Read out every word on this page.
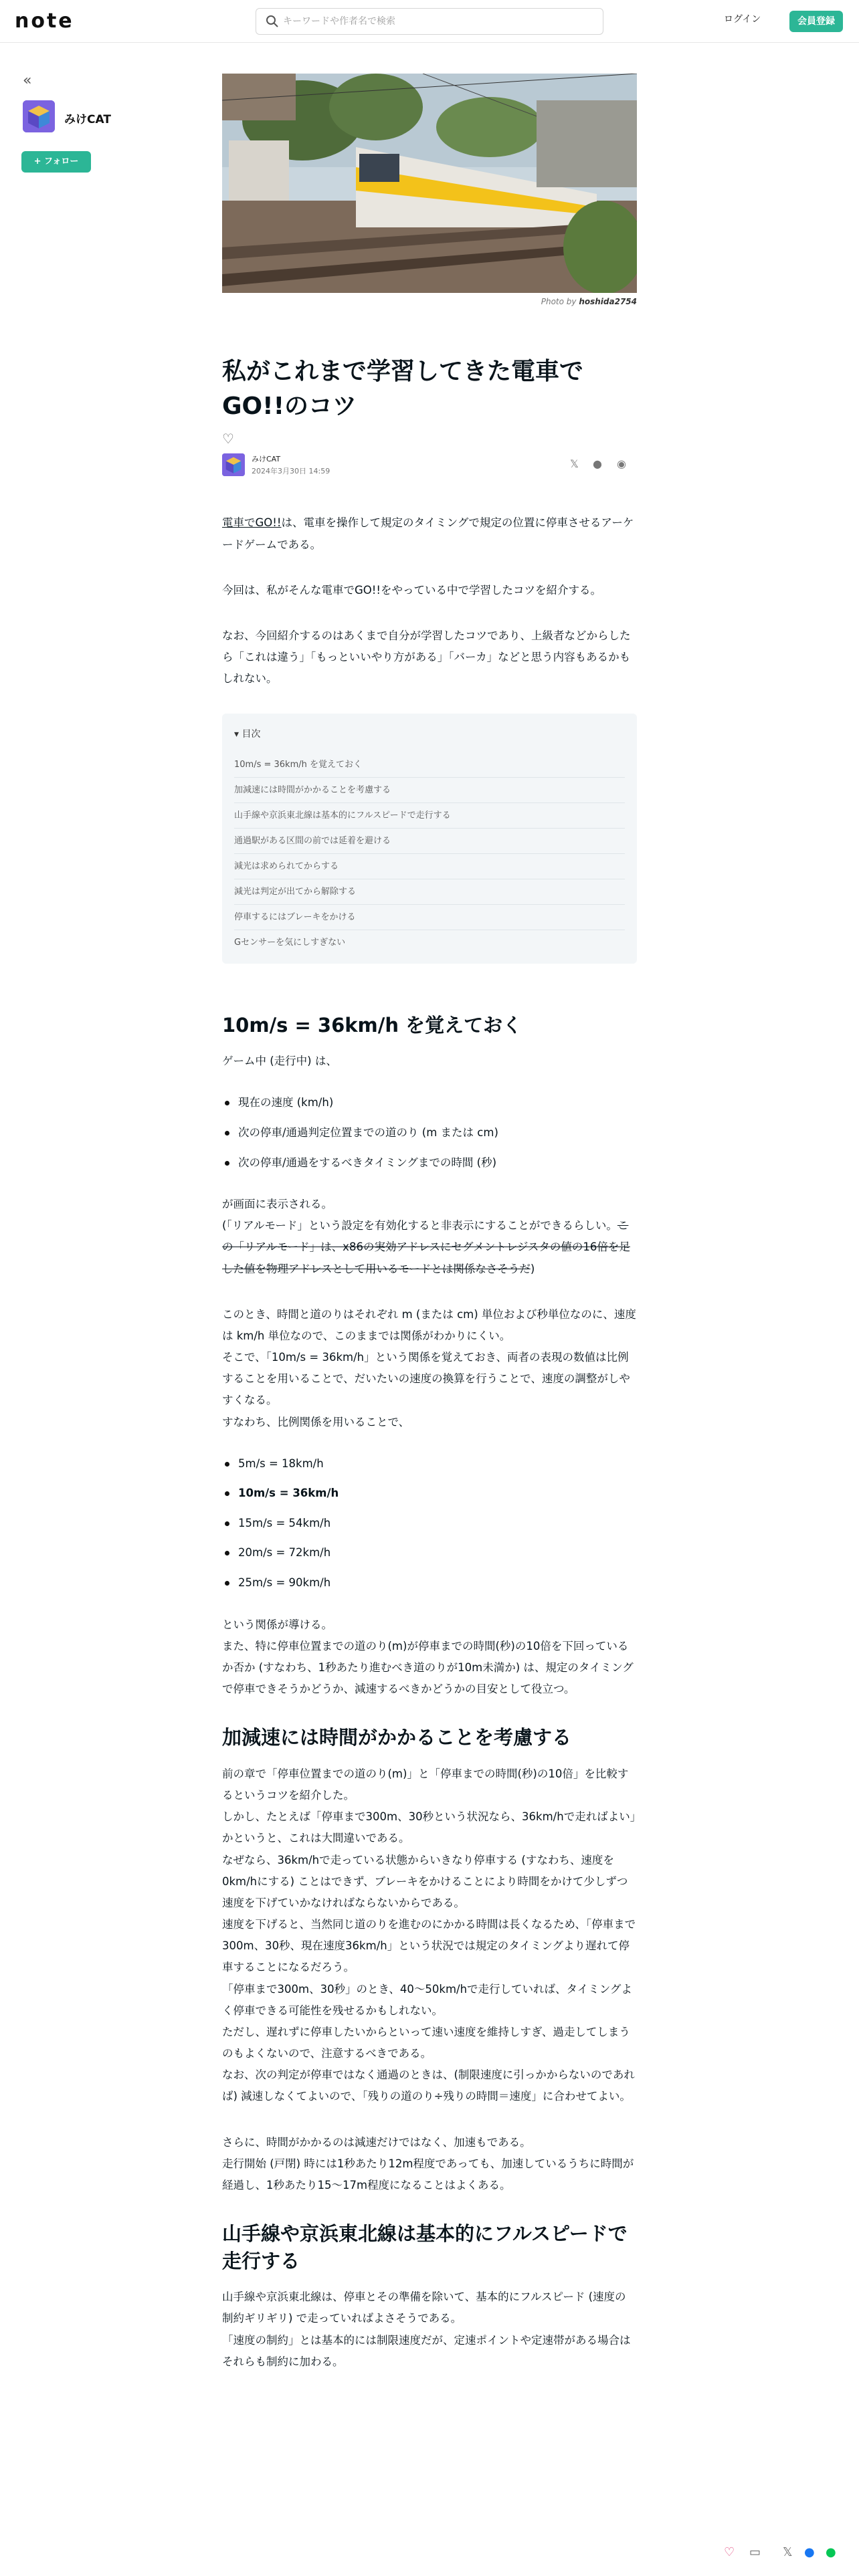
note
キーワードや作者名で検索	ログイン	会員登録
«
みけCAT
+ フォロー
Photo by hoshida2754
私がこれまで学習してきた電車でGO!!のコツ
♡
みけCAT
2024年3月30日 14:59
𝕏 ● ◉

電車でGO!!は、電車を操作して規定のタイミングで規定の位置に停車させるアーケードゲームである。

今回は、私がそんな電車でGO!!をやっている中で学習したコツを紹介する。

なお、今回紹介するのはあくまで自分が学習したコツであり、上級者などからしたら「これは違う」「もっといいやり方がある」「バーカ」などと思う内容もあるかもしれない。

▾ 目次
10m/s = 36km/h を覚えておく
加減速には時間がかかることを考慮する
山手線や京浜東北線は基本的にフルスピードで走行する
通過駅がある区間の前では延着を避ける
減光は求められてからする
減光は判定が出てから解除する
停車するにはブレーキをかける
Gセンサーを気にしすぎない
10m/s = 36km/h を覚えておく

ゲーム中 (走行中) は、

現在の速度 (km/h)
次の停車/通過判定位置までの道のり (m または cm)
次の停車/通過をするべきタイミングまでの時間 (秒)

が画面に表示される。

(「リアルモード」という設定を有効化すると非表示にすることができるらしい。この「リアルモード」は、x86の実効アドレスにセグメントレジスタの値の16倍を足した値を物理アドレスとして用いるモードとは関係なさそうだ)

このとき、時間と道のりはそれぞれ m (または cm) 単位および秒単位なのに、速度は km/h 単位なので、このままでは関係がわかりにくい。

そこで、「10m/s = 36km/h」という関係を覚えておき、両者の表現の数値は比例することを用いることで、だいたいの速度の換算を行うことで、速度の調整がしやすくなる。

すなわち、比例関係を用いることで、

5m/s = 18km/h
10m/s = 36km/h
15m/s = 54km/h
20m/s = 72km/h
25m/s = 90km/h

という関係が導ける。

また、特に停車位置までの道のり(m)が停車までの時間(秒)の10倍を下回っているか否か (すなわち、1秒あたり進むべき道のりが10m未満か) は、規定のタイミングで停車できそうかどうか、減速するべきかどうかの目安として役立つ。

加減速には時間がかかることを考慮する

前の章で「停車位置までの道のり(m)」と「停車までの時間(秒)の10倍」を比較するというコツを紹介した。

しかし、たとえば「停車まで300m、30秒という状況なら、36km/hで走ればよい」かというと、これは大間違いである。

なぜなら、36km/hで走っている状態からいきなり停車する (すなわち、速度を0km/hにする) ことはできず、ブレーキをかけることにより時間をかけて少しずつ速度を下げていかなければならないからである。

速度を下げると、当然同じ道のりを進むのにかかる時間は長くなるため、「停車まで300m、30秒、現在速度36km/h」という状況では規定のタイミングより遅れて停車することになるだろう。

「停車まで300m、30秒」のとき、40〜50km/hで走行していれば、タイミングよく停車できる可能性を残せるかもしれない。

ただし、遅れずに停車したいからといって速い速度を維持しすぎ、過走してしまうのもよくないので、注意するべきである。

なお、次の判定が停車ではなく通過のときは、(制限速度に引っかからないのであれば) 減速しなくてよいので、「残りの道のり÷残りの時間＝速度」に合わせてよい。

さらに、時間がかかるのは減速だけではなく、加速もである。

走行開始 (戸閉) 時には1秒あたり12m程度であっても、加速しているうちに時間が経過し、1秒あたり15〜17m程度になることはよくある。

山手線や京浜東北線は基本的にフルスピードで走行する

山手線や京浜東北線は、停車とその準備を除いて、基本的にフルスピード (速度の制約ギリギリ) で走っていればよさそうである。

「速度の制約」とは基本的には制限速度だが、定速ポイントや定速帯がある場合はそれらも制約に加わる。

♡ ▭ 𝕏 ● ●
